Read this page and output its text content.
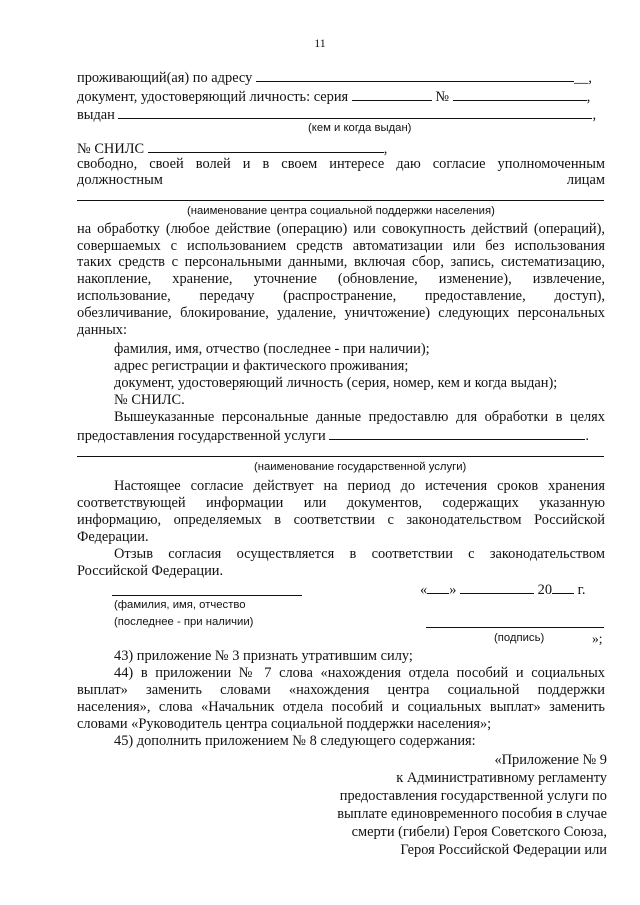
11
проживающий(ая) по адресу	__,
документ, удостоверяющий личность: серия	№	,
выдан	,
(кем и когда выдан)
№ СНИЛС	,
свободно, своей волей и в своем интересе даю согласие уполномоченным
должностным	лицам
(наименование центра социальной поддержки населения)
на обработку (любое действие (операцию) или совокупность действий (операций),
совершаемых с использованием средств автоматизации или без использования
таких средств с персональными данными, включая сбор, запись, систематизацию,
накопление, хранение, уточнение (обновление, изменение), извлечение,
использование, передачу (распространение, предоставление, доступ),
обезличивание, блокирование, удаление, уничтожение) следующих персональных
данных:
фамилия, имя, отчество (последнее - при наличии);
адрес регистрации и фактического проживания;
документ, удостоверяющий личность (серия, номер, кем и когда выдан);
№ СНИЛС.
Вышеуказанные персональные данные предоставлю для обработки в целях
предоставления государственной услуги	.
(наименование государственной услуги)
Настоящее согласие действует на период до истечения сроков хранения
соответствующей информации или документов, содержащих указанную
информацию, определяемых в соответствии с законодательством Российской
Федерации.
Отзыв согласия осуществляется в соответствии с законодательством
Российской Федерации.
« »	20 г.
(фамилия, имя, отчество
(последнее - при наличии)
(подпись)	»;
43) приложение № 3 признать утратившим силу;
44) в приложении № 7 слова «нахождения отдела пособий и социальных
выплат» заменить словами «нахождения центра социальной поддержки
населения», слова «Начальник отдела пособий и социальных выплат» заменить
словами «Руководитель центра социальной поддержки населения»;
45) дополнить приложением № 8 следующего содержания:
«Приложение № 9
к Административному регламенту
предоставления государственной услуги по
выплате единовременного пособия в случае
смерти (гибели) Героя Советского Союза,
Героя Российской Федерации или
